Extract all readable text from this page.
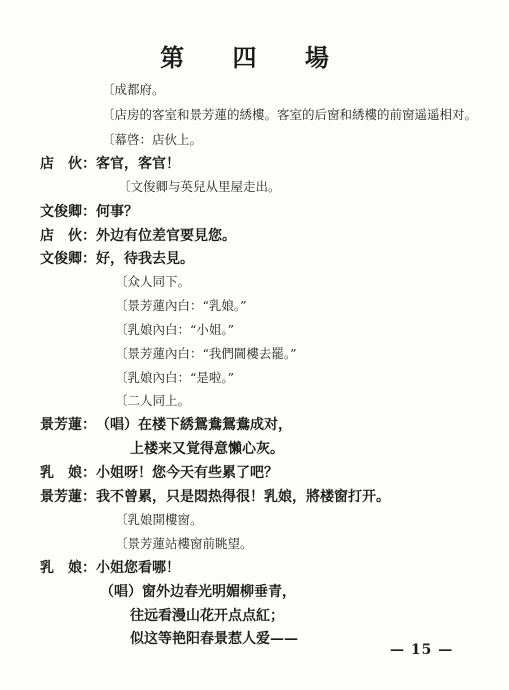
第 四 場
〔成都府。
〔店房的客室和景芳蓮的綉樓。客室的后窗和綉樓的前窗遥遥相对。
〔幕啓：店伙上。
店　伙：客官，客官！
〔文俊卿与英兒从里屋走出。
文俊卿：何事？
店　伙：外边有位差官要見您。
文俊卿：好，待我去見。
〔众人同下。
〔景芳蓮內白：“乳娘。”
〔乳娘內白：“小姐。”
〔景芳蓮內白：“我們閫樓去罷。”
〔乳娘內白：“是啦。”
〔二人同上。
景芳蓮：（唱）在楼下綉鴛鴦鴛鴦成对，
上楼来又覚得意懶心灰。
乳　娘：小姐呀！您今天有些累了吧？
景芳蓮：我不曾累，只是悶热得很！乳娘，將楼窗打开。
〔乳娘開樓窗。
〔景芳蓮站樓窗前眺望。
乳　娘：小姐您看哪！
（唱）窗外边春光明媚柳垂青，
往远看漫山花开点点紅；
似这等艳阳春景惹人爱——
— 15 —
